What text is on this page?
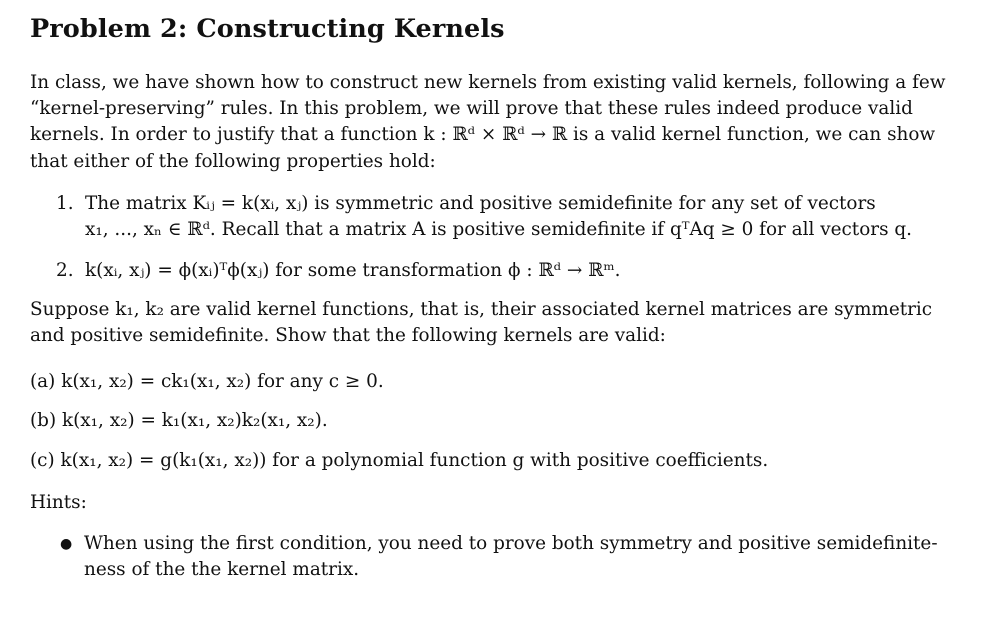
Problem 2: Constructing Kernels
In class, we have shown how to construct new kernels from existing valid kernels, following a few
“kernel-preserving” rules. In this problem, we will prove that these rules indeed produce valid
kernels. In order to justify that a function k : ℝᵈ × ℝᵈ → ℝ is a valid kernel function, we can show
that either of the following properties hold:
1. The matrix Kᵢⱼ = k(xᵢ, xⱼ) is symmetric and positive semidefinite for any set of vectors
x₁, ..., xₙ ∈ ℝᵈ. Recall that a matrix A is positive semidefinite if qᵀAq ≥ 0 for all vectors q.
2. k(xᵢ, xⱼ) = ϕ(xᵢ)ᵀϕ(xⱼ) for some transformation ϕ : ℝᵈ → ℝᵐ.
Suppose k₁, k₂ are valid kernel functions, that is, their associated kernel matrices are symmetric
and positive semidefinite. Show that the following kernels are valid:
(a) k(x₁, x₂) = ck₁(x₁, x₂) for any c ≥ 0.
(b) k(x₁, x₂) = k₁(x₁, x₂)k₂(x₁, x₂).
(c) k(x₁, x₂) = g(k₁(x₁, x₂)) for a polynomial function g with positive coefficients.
Hints:
● When using the first condition, you need to prove both symmetry and positive semidefinite-
ness of the the kernel matrix.
